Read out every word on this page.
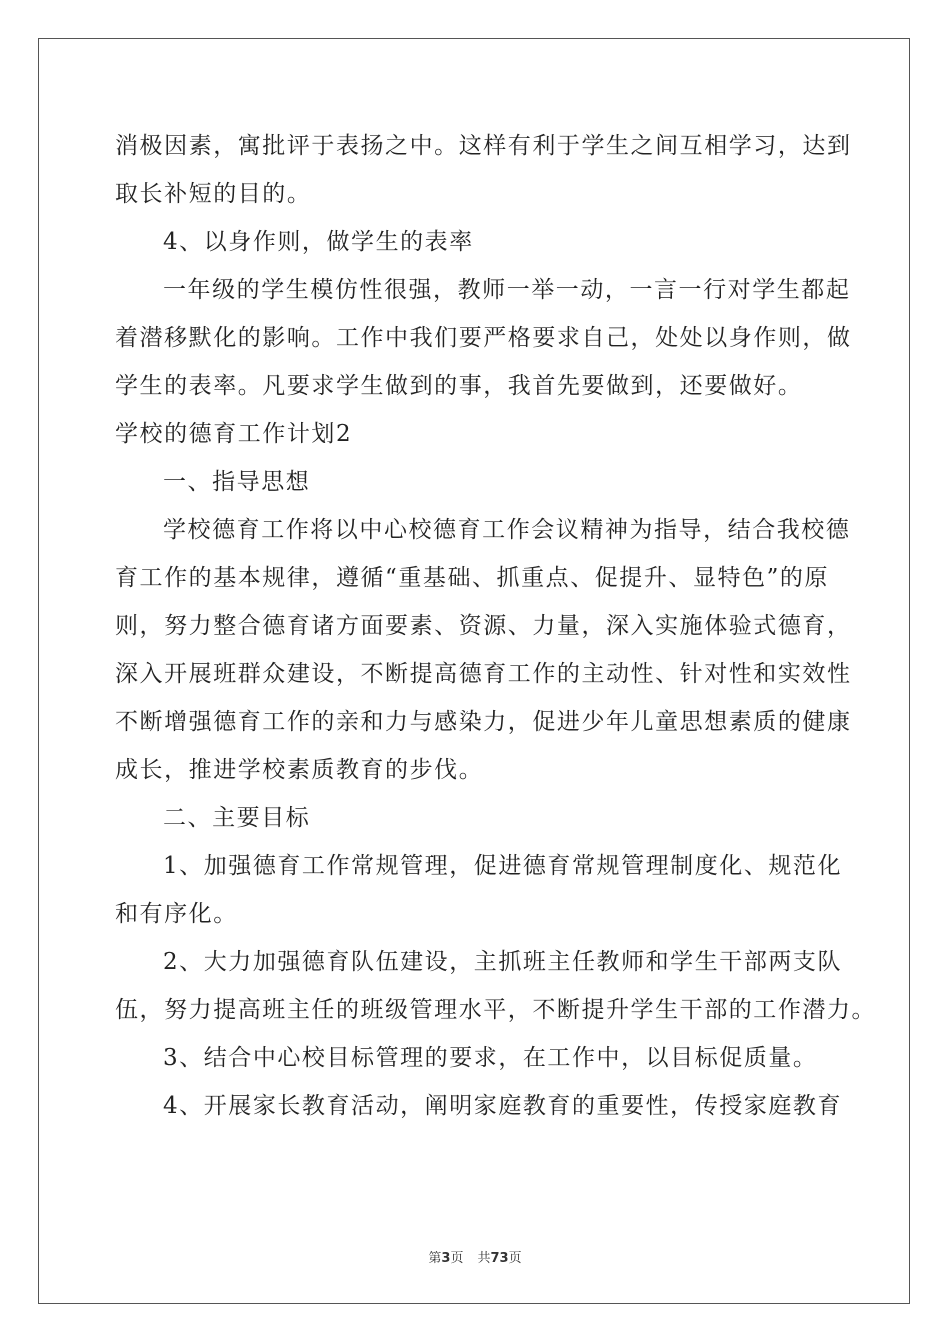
消极因素，寓批评于表扬之中。这样有利于学生之间互相学习，达到
取长补短的目的。
4、以身作则，做学生的表率
一年级的学生模仿性很强，教师一举一动，一言一行对学生都起
着潜移默化的影响。工作中我们要严格要求自己，处处以身作则，做
学生的表率。凡要求学生做到的事，我首先要做到，还要做好。
学校的德育工作计划2
一、指导思想
学校德育工作将以中心校德育工作会议精神为指导，结合我校德
育工作的基本规律，遵循“重基础、抓重点、促提升、显特色”的原
则，努力整合德育诸方面要素、资源、力量，深入实施体验式德育，
深入开展班群众建设，不断提高德育工作的主动性、针对性和实效性
不断增强德育工作的亲和力与感染力，促进少年儿童思想素质的健康
成长，推进学校素质教育的步伐。
二、主要目标
1、加强德育工作常规管理，促进德育常规管理制度化、规范化
和有序化。
2、大力加强德育队伍建设，主抓班主任教师和学生干部两支队
伍，努力提高班主任的班级管理水平，不断提升学生干部的工作潜力。
3、结合中心校目标管理的要求，在工作中，以目标促质量。
4、开展家长教育活动，阐明家庭教育的重要性，传授家庭教育
第3页 共73页
